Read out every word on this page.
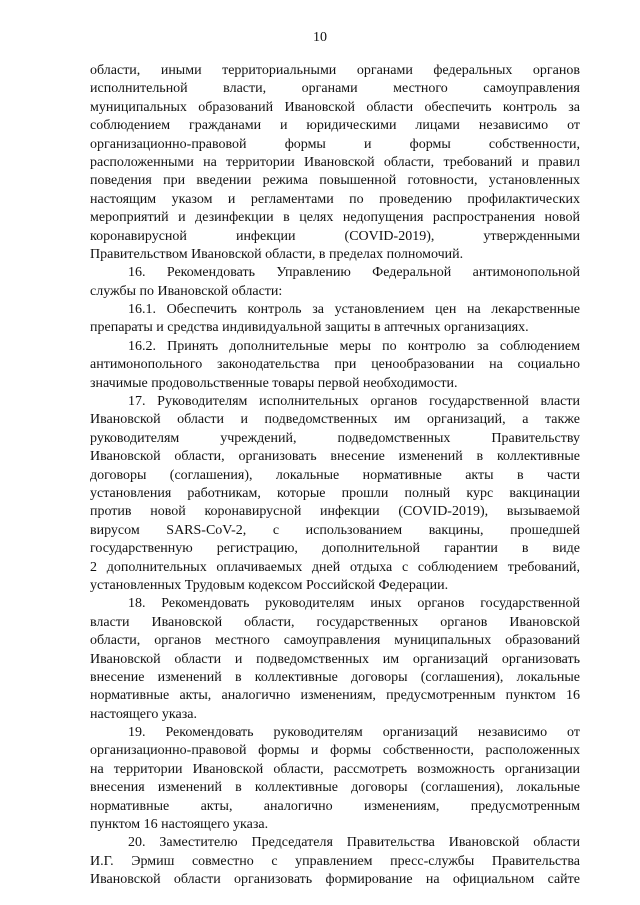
10
области, иными территориальными органами федеральных органов
исполнительной власти, органами местного самоуправления
муниципальных образований Ивановской области обеспечить контроль за
соблюдением гражданами и юридическими лицами независимо от
организационно-правовой формы и формы собственности,
расположенными на территории Ивановской области, требований и правил
поведения при введении режима повышенной готовности, установленных
настоящим указом и регламентами по проведению профилактических
мероприятий и дезинфекции в целях недопущения распространения новой
коронавирусной инфекции (COVID-2019), утвержденными
Правительством Ивановской области, в пределах полномочий.
16. Рекомендовать Управлению Федеральной антимонопольной
службы по Ивановской области:
16.1. Обеспечить контроль за установлением цен на лекарственные
препараты и средства индивидуальной защиты в аптечных организациях.
16.2. Принять дополнительные меры по контролю за соблюдением
антимонопольного законодательства при ценообразовании на социально
значимые продовольственные товары первой необходимости.
17. Руководителям исполнительных органов государственной власти
Ивановской области и подведомственных им организаций, а также
руководителям учреждений, подведомственных Правительству
Ивановской области, организовать внесение изменений в коллективные
договоры (соглашения), локальные нормативные акты в части
установления работникам, которые прошли полный курс вакцинации
против новой коронавирусной инфекции (COVID-2019), вызываемой
вирусом SARS-CoV-2, с использованием вакцины, прошедшей
государственную регистрацию, дополнительной гарантии в виде
2 дополнительных оплачиваемых дней отдыха с соблюдением требований,
установленных Трудовым кодексом Российской Федерации.
18. Рекомендовать руководителям иных органов государственной
власти Ивановской области, государственных органов Ивановской
области, органов местного самоуправления муниципальных образований
Ивановской области и подведомственных им организаций организовать
внесение изменений в коллективные договоры (соглашения), локальные
нормативные акты, аналогично изменениям, предусмотренным пунктом 16
настоящего указа.
19. Рекомендовать руководителям организаций независимо от
организационно-правовой формы и формы собственности, расположенных
на территории Ивановской области, рассмотреть возможность организации
внесения изменений в коллективные договоры (соглашения), локальные
нормативные акты, аналогично изменениям, предусмотренным
пунктом 16 настоящего указа.
20. Заместителю Председателя Правительства Ивановской области
И.Г. Эрмиш совместно с управлением пресс-службы Правительства
Ивановской области организовать формирование на официальном сайте
